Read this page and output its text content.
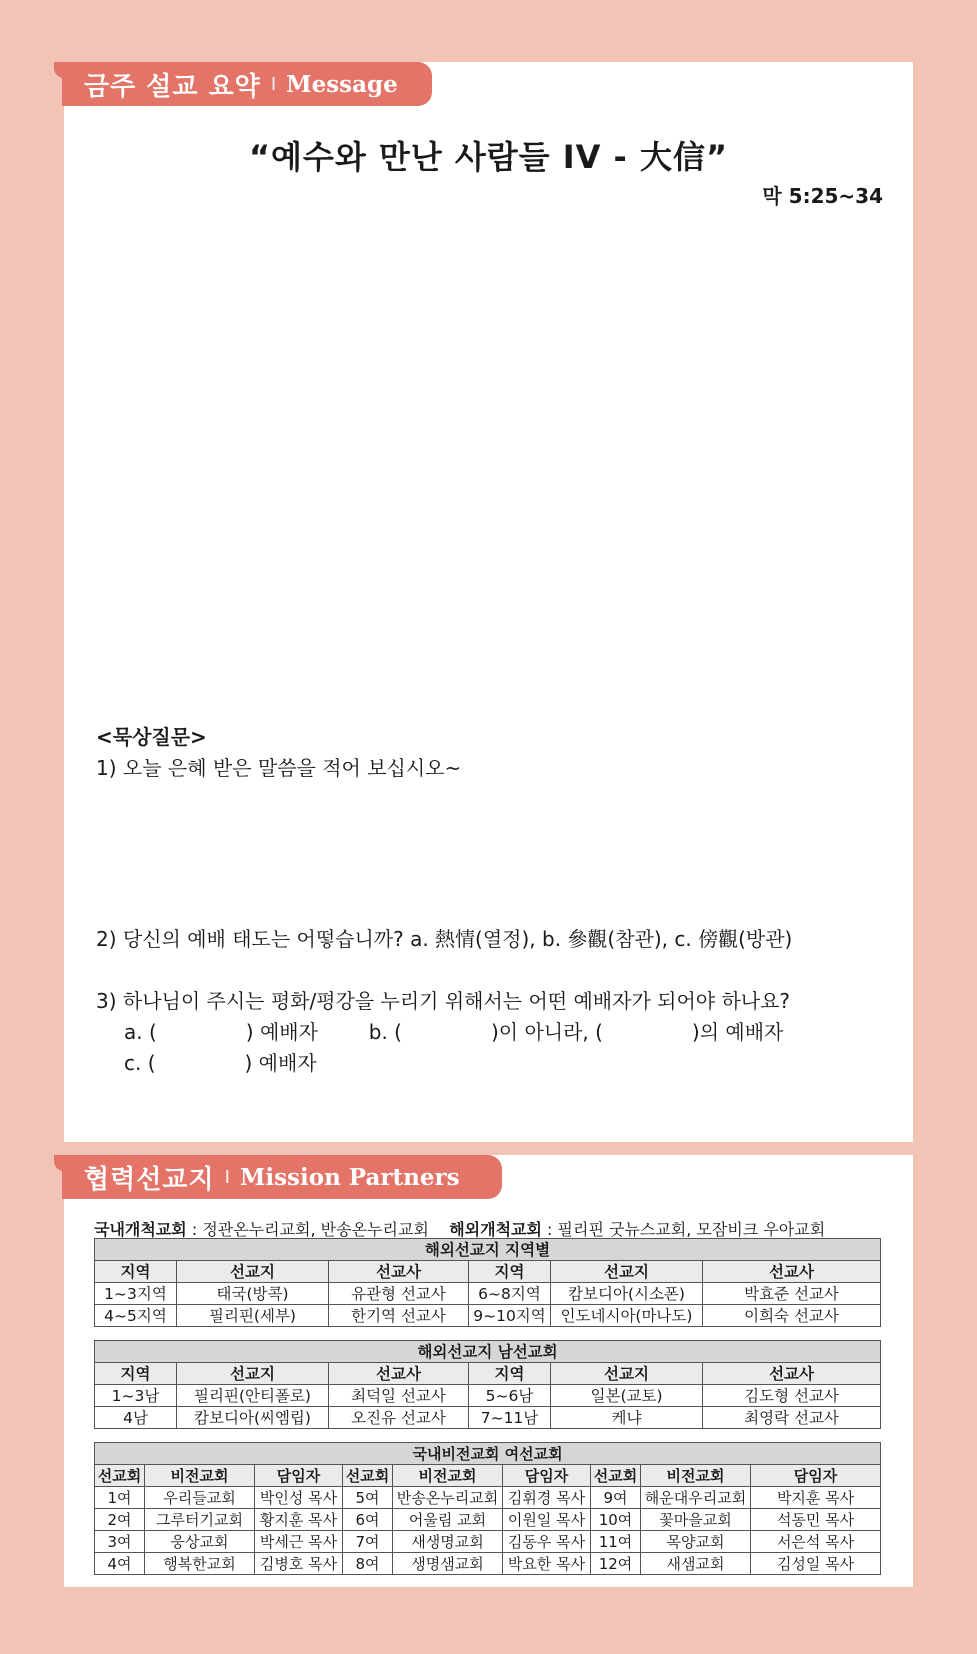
금주 설교 요약 I Message
“예수와 만난 사람들 IV - 大信”
막 5:25~34

<묵상질문>

1) 오늘 은혜 받은 말씀을 적어 보십시오~

2) 당신의 예배 태도는 어떻습니까? a. 熱情(열정), b. 參觀(참관), c. 傍觀(방관)

3) 하나님이 주시는 평화/평강을 누리기 위해서는 어떤 예배자가 되어야 하나요?

a. (              ) 예배자        b. (              )이 아니라, (              )의 예배자

c. (              ) 예배자

협력선교지 I Mission Partners
국내개척교회 : 정관온누리교회, 반송온누리교회 해외개척교회 : 필리핀 굿뉴스교회, 모잠비크 우아교회
해외선교지 지역별					
지역	선교지	선교사	지역	선교지	선교사
1~3지역	태국(방콕)	유관형 선교사	6~8지역	캄보디아(시소폰)	박효준 선교사
4~5지역	필리핀(세부)	한기역 선교사	9~10지역	인도네시아(마나도)	이희숙 선교사
해외선교지 남선교회					
지역	선교지	선교사	지역	선교지	선교사
1~3남	필리핀(안티폴로)	최덕일 선교사	5~6남	일본(교토)	김도형 선교사
4남	캄보디아(씨엠립)	오진유 선교사	7~11남	케냐	최영락 선교사
국내비전교회 여선교회								
선교회	비전교회	담임자	선교회	비전교회	담임자	선교회	비전교회	담임자
1여	우리들교회	박인성 목사	5여	반송온누리교회	김휘경 목사	9여	해운대우리교회	박지훈 목사
2여	그루터기교회	황지훈 목사	6여	어울림 교회	이원일 목사	10여	꽃마을교회	석동민 목사
3여	웅상교회	박세근 목사	7여	새생명교회	김동우 목사	11여	목양교회	서은석 목사
4여	행복한교회	김병호 목사	8여	생명샘교회	박요한 목사	12여	새샘교회	김성일 목사
